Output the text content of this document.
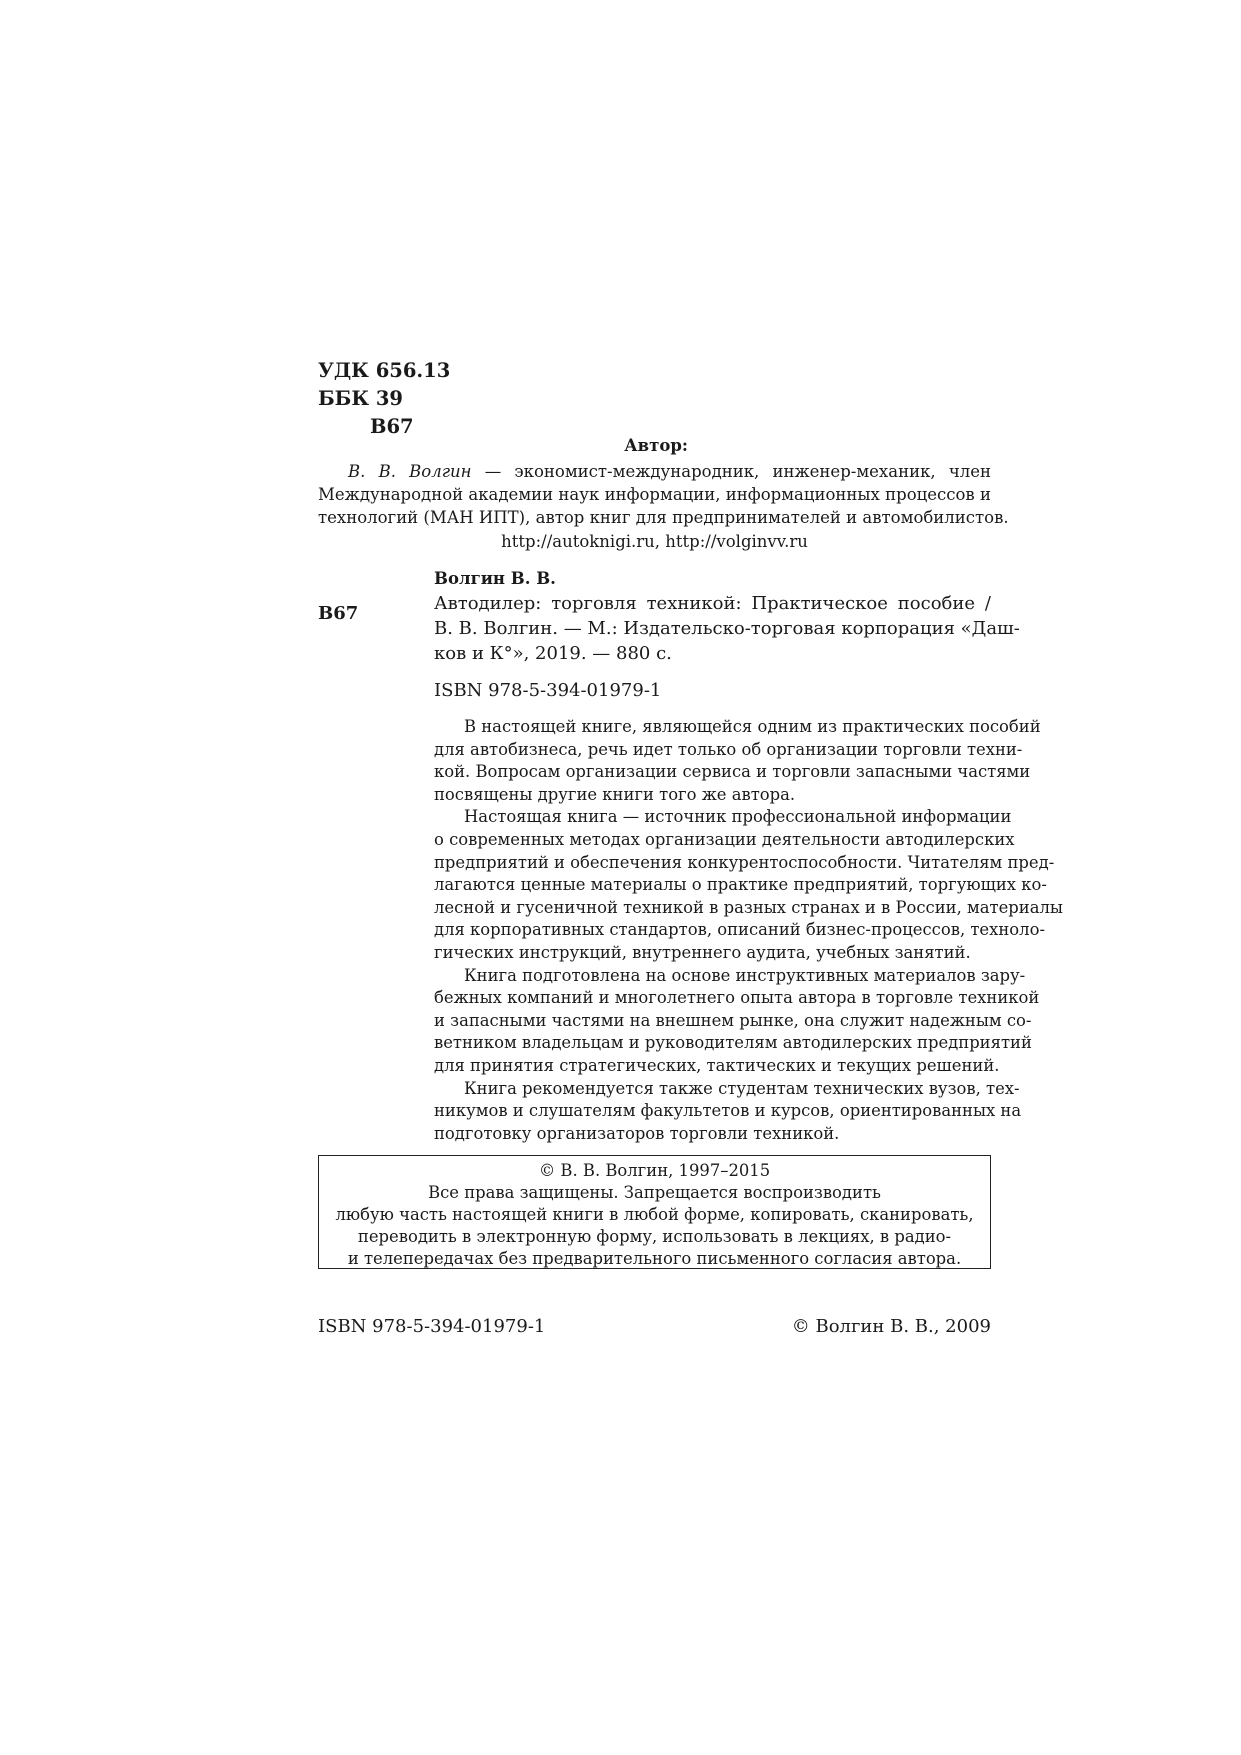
УДК 656.13
ББК 39
В67
Автор:
В. В. Волгин — экономист-международник, инженер-механик, член
Международной академии наук информации, информационных процессов и
технологий (МАН ИПТ), автор книг для предпринимателей и автомобилистов.
http://autoknigi.ru, http://volginvv.ru
Волгин В. В.
В67	Автодилер: торговля техникой: Практическое пособие /
В. В. Волгин. — М.: Издательско-торговая корпорация «Даш-
ков и К°», 2019. — 880 с.
ISBN 978-5-394-01979-1
В настоящей книге, являющейся одним из практических пособий
для автобизнеса, речь идет только об организации торговли техни-
кой. Вопросам организации сервиса и торговли запасными частями
посвящены другие книги того же автора.
Настоящая книга — источник профессиональной информации
о современных методах организации деятельности автодилерских
предприятий и обеспечения конкурентоспособности. Читателям пред-
лагаются ценные материалы о практике предприятий, торгующих ко-
лесной и гусеничной техникой в разных странах и в России, материалы
для корпоративных стандартов, описаний бизнес-процессов, техноло-
гических инструкций, внутреннего аудита, учебных занятий.
Книга подготовлена на основе инструктивных материалов зару-
бежных компаний и многолетнего опыта автора в торговле техникой
и запасными частями на внешнем рынке, она служит надежным со-
ветником владельцам и руководителям автодилерских предприятий
для принятия стратегических, тактических и текущих решений.
Книга рекомендуется также студентам технических вузов, тех-
никумов и слушателям факультетов и курсов, ориентированных на
подготовку организаторов торговли техникой.
© В. В. Волгин, 1997–2015
Все права защищены. Запрещается воспроизводить
любую часть настоящей книги в любой форме, копировать, сканировать,
переводить в электронную форму, использовать в лекциях, в радио-
и телепередачах без предварительного письменного согласия автора.
ISBN 978-5-394-01979-1	© Волгин В. В., 2009
